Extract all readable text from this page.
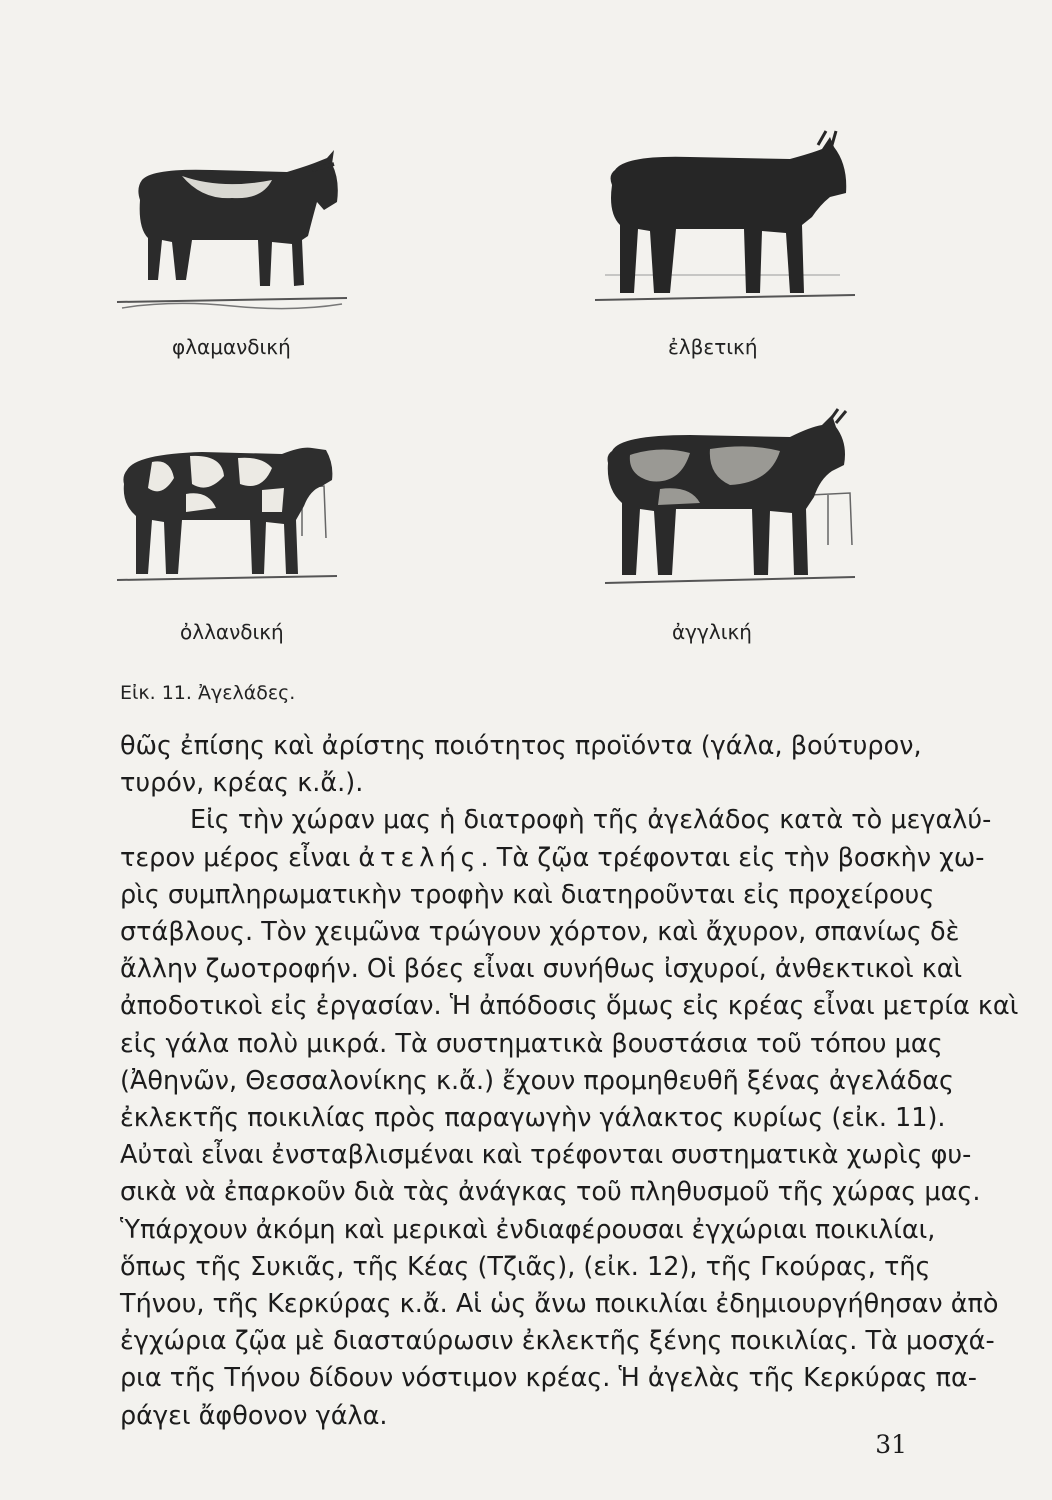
φλαμανδική	ἐλβετική
ὀλλανδική	ἀγγλική
Εἰκ. 11. Ἀγελάδες.
θῶς ἐπίσης καὶ ἀρίστης ποιότητος προϊόντα (γάλα, βούτυρον,
τυρόν, κρέας κ.ἄ.).
Εἰς τὴν χώραν μας ἡ διατροφὴ τῆς ἀγελάδος κατὰ τὸ μεγαλύ-
τερον μέρος εἶναι ἀτελής. Τὰ ζῷα τρέφονται εἰς τὴν βοσκὴν χω-
ρὶς συμπληρωματικὴν τροφὴν καὶ διατηροῦνται εἰς προχείρους
στάβλους. Τὸν χειμῶνα τρώγουν χόρτον, καὶ ἄχυρον, σπανίως δὲ
ἄλλην ζωοτροφήν. Οἱ βόες εἶναι συνήθως ἰσχυροί, ἀνθεκτικοὶ καὶ
ἀποδοτικοὶ εἰς ἐργασίαν. Ἡ ἀπόδοσις ὅμως εἰς κρέας εἶναι μετρία καὶ
εἰς γάλα πολὺ μικρά. Τὰ συστηματικὰ βουστάσια τοῦ τόπου μας
(Ἀθηνῶν, Θεσσαλονίκης κ.ἄ.) ἔχουν προμηθευθῆ ξένας ἀγελάδας
ἐκλεκτῆς ποικιλίας πρὸς παραγωγὴν γάλακτος κυρίως (εἰκ. 11).
Αὐταὶ εἶναι ἐνσταβλισμέναι καὶ τρέφονται συστηματικὰ χωρὶς φυ-
σικὰ νὰ ἐπαρκοῦν διὰ τὰς ἀνάγκας τοῦ πληθυσμοῦ τῆς χώρας μας.
Ὑπάρχουν ἀκόμη καὶ μερικαὶ ἐνδιαφέρουσαι ἐγχώριαι ποικιλίαι,
ὅπως τῆς Συκιᾶς, τῆς Κέας (Τζιᾶς), (εἰκ. 12), τῆς Γκούρας, τῆς
Τήνου, τῆς Κερκύρας κ.ἄ. Αἱ ὡς ἄνω ποικιλίαι ἐδημιουργήθησαν ἀπὸ
ἐγχώρια ζῷα μὲ διασταύρωσιν ἐκλεκτῆς ξένης ποικιλίας. Τὰ μοσχά-
ρια τῆς Τήνου δίδουν νόστιμον κρέας. Ἡ ἀγελὰς τῆς Κερκύρας πα-
ράγει ἄφθονον γάλα.
31
